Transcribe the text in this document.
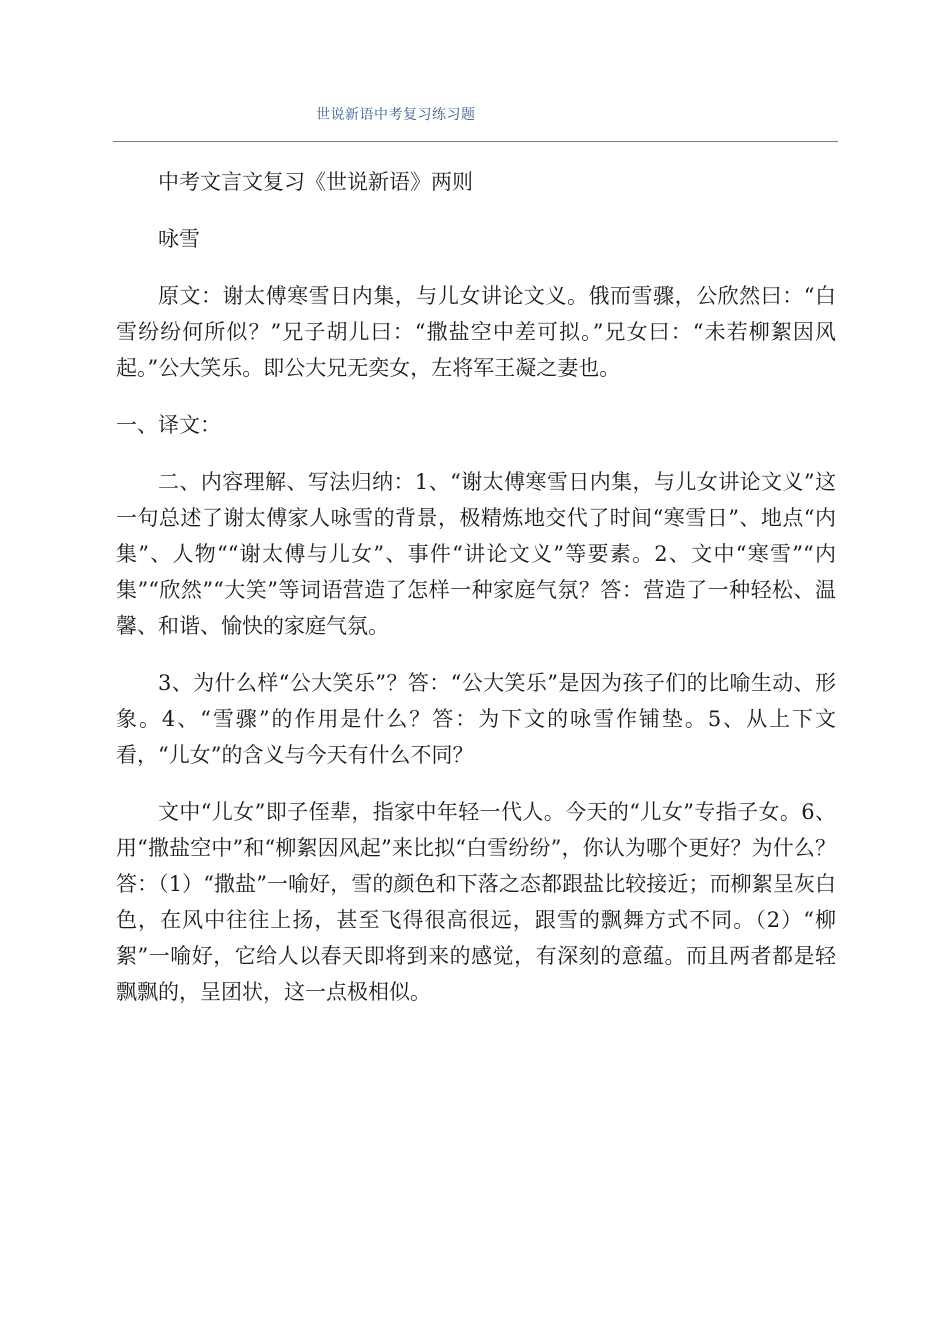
世说新语中考复习练习题

中考文言文复习《世说新语》两则

咏雪

原文：谢太傅寒雪日内集，与儿女讲论文义。俄而雪骤，公欣然曰：“白雪纷纷何所似？”兄子胡儿曰：“撒盐空中差可拟。”兄女曰：“未若柳絮因风起。”公大笑乐。即公大兄无奕女，左将军王凝之妻也。

一、译文：

二、内容理解、写法归纳：1、“谢太傅寒雪日内集，与儿女讲论文义”这一句总述了谢太傅家人咏雪的背景，极精炼地交代了时间“寒雪日”、地点“内集”、人物““谢太傅与儿女”、事件“讲论文义”等要素。2、文中“寒雪”“内集”“欣然”“大笑”等词语营造了怎样一种家庭气氛？答：营造了一种轻松、温馨、和谐、愉快的家庭气氛。

3、为什么样“公大笑乐”？答：“公大笑乐”是因为孩子们的比喻生动、形象。4、“雪骤”的作用是什么？答：为下文的咏雪作铺垫。5、从上下文看，“儿女”的含义与今天有什么不同？

文中“儿女”即子侄辈，指家中年轻一代人。今天的“儿女”专指子女。6、用“撒盐空中”和“柳絮因风起”来比拟“白雪纷纷”，你认为哪个更好？为什么？答：（1）“撒盐”一喻好，雪的颜色和下落之态都跟盐比较接近；而柳絮呈灰白色，在风中往往上扬，甚至飞得很高很远，跟雪的飘舞方式不同。（2）“柳絮”一喻好，它给人以春天即将到来的感觉，有深刻的意蕴。而且两者都是轻飘飘的，呈团状，这一点极相似。
